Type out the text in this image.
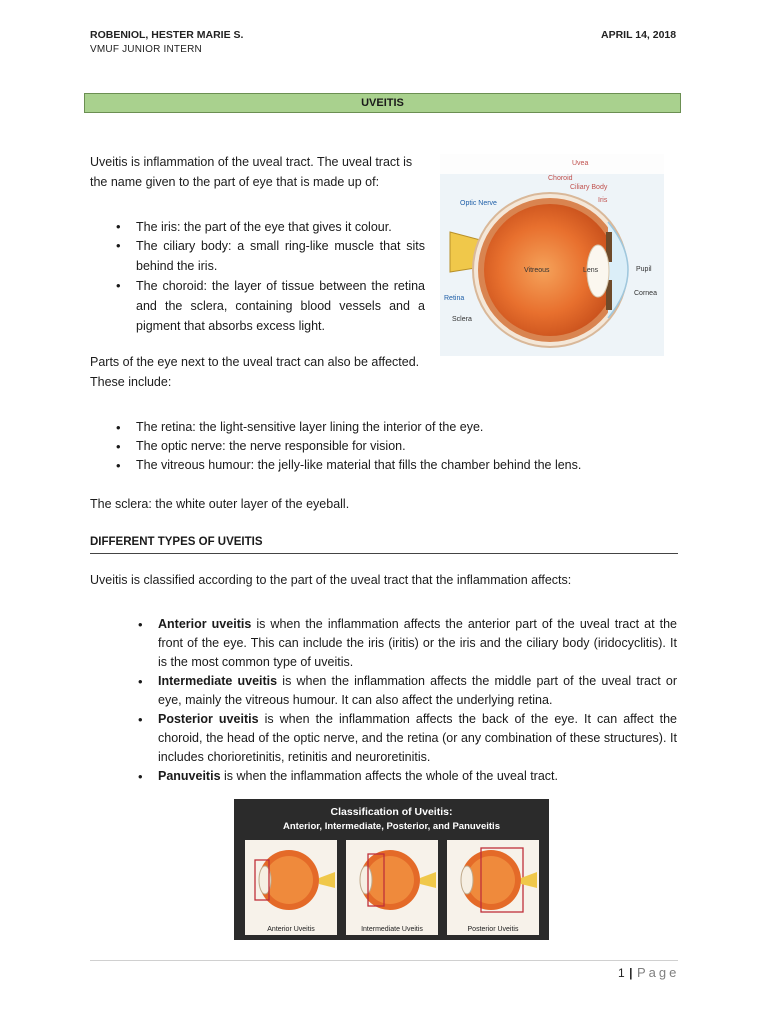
ROBENIOL, HESTER MARIE S.
VMUF JUNIOR INTERN
APRIL 14, 2018
UVEITIS
Uveitis is inflammation of the uveal tract. The uveal tract is
the name given to the part of eye that is made up of:
• The iris: the part of the eye that gives it colour.
• The ciliary body: a small ring-like muscle that sits behind the iris.
• The choroid: the layer of tissue between the retina and the sclera, containing blood vessels and a pigment that absorbs excess light.
Uvea
Choroid
Ciliary Body
Iris
Optic Nerve
Vitreous	Lens	Pupil
Cornea
Retina
Sclera
Parts of the eye next to the uveal tract can also be affected.
These include:
• The retina: the light-sensitive layer lining the interior of the eye.
• The optic nerve: the nerve responsible for vision.
• The vitreous humour: the jelly-like material that fills the chamber behind the lens.
The sclera: the white outer layer of the eyeball.
DIFFERENT TYPES OF UVEITIS
Uveitis is classified according to the part of the uveal tract that the inflammation affects:
• Anterior uveitis is when the inflammation affects the anterior part of the uveal tract at the front of the eye. This can include the iris (iritis) or the iris and the ciliary body (iridocyclitis). It is the most common type of uveitis.
• Intermediate uveitis is when the inflammation affects the middle part of the uveal tract or eye, mainly the vitreous humour. It can also affect the underlying retina.
• Posterior uveitis is when the inflammation affects the back of the eye. It can affect the choroid, the head of the optic nerve, and the retina (or any combination of these structures). It includes chorioretinitis, retinitis and neuroretinitis.
• Panuveitis is when the inflammation affects the whole of the uveal tract.
Classification of Uveitis:
Anterior, Intermediate, Posterior, and Panuveitis
Anterior Uveitis	Intermediate Uveitis	Posterior Uveitis
1 | Page
